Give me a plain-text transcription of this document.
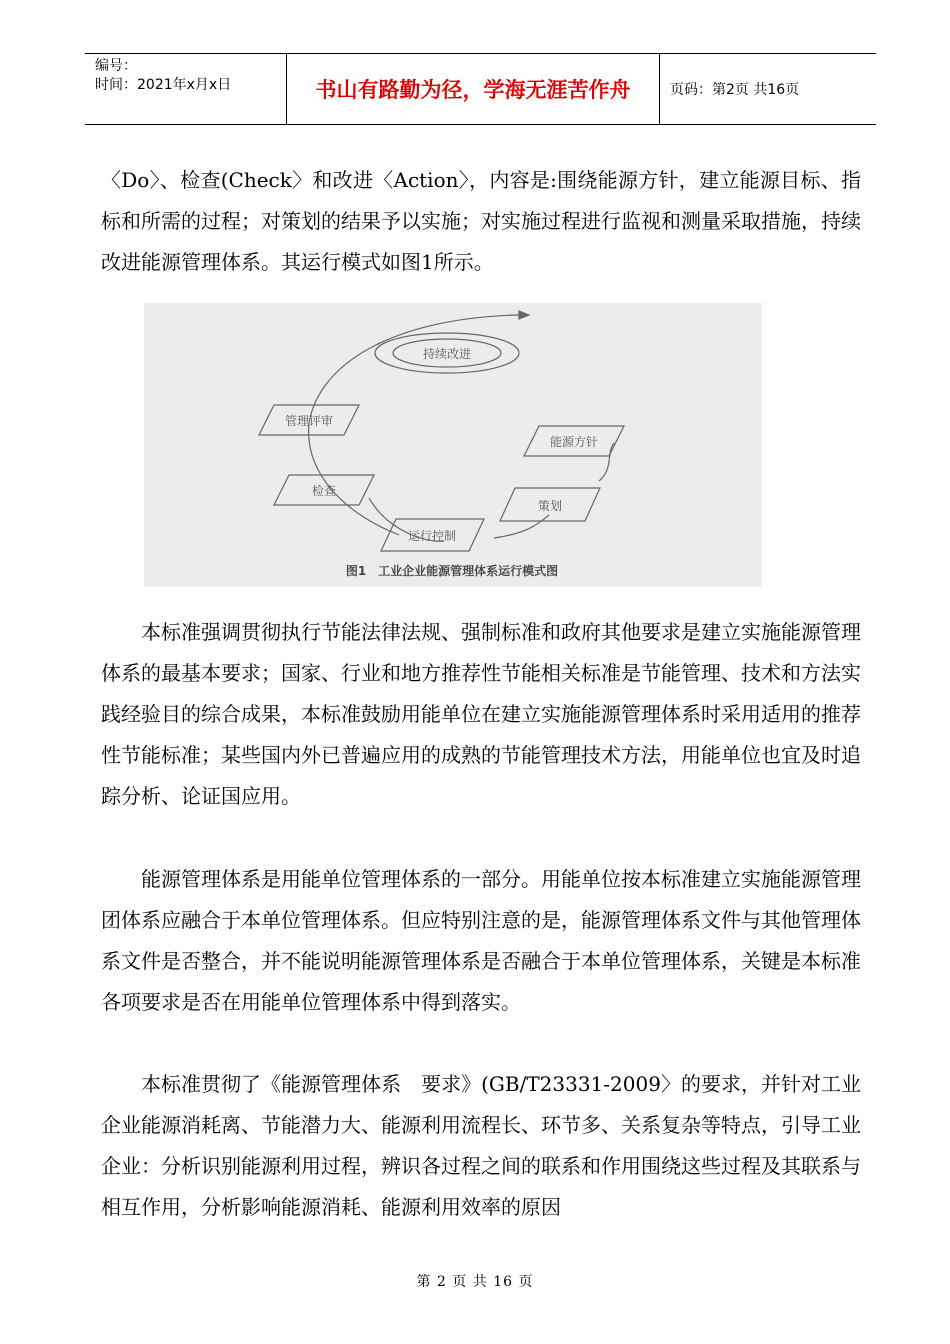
编号：
时间：2021年x月x日	书山有路勤为径，学海无涯苦作舟	页码：第2页 共16页

〈Do〉、检查(Check〉和改进〈Action〉，内容是:围绕能源方针，建立能源目标、指标和所需的过程；对策划的结果予以实施；对实施过程进行监视和测量采取措施，持续改进能源管理体系。其运行模式如图1所示。

持续改进
管理评审
能源方针
检查
策划
运行控制
图1　工业企业能源管理体系运行模式图

本标准强调贯彻执行节能法律法规、强制标准和政府其他要求是建立实施能源管理体系的最基本要求；国家、行业和地方推荐性节能相关标准是节能管理、技术和方法实践经验目的综合成果，本标准鼓励用能单位在建立实施能源管理体系时采用适用的推荐性节能标准；某些国内外已普遍应用的成熟的节能管理技术方法，用能单位也宜及时追踪分析、论证国应用。

能源管理体系是用能单位管理体系的一部分。用能单位按本标准建立实施能源管理团体系应融合于本单位管理体系。但应特别注意的是，能源管理体系文件与其他管理体系文件是否整合，并不能说明能源管理体系是否融合于本单位管理体系，关键是本标准各项要求是否在用能单位管理体系中得到落实。

本标准贯彻了《能源管理体系　要求》(GB/T23331-2009〉的要求，并针对工业企业能源消耗离、节能潜力大、能源利用流程长、环节多、关系复杂等特点，引导工业企业：分析识别能源利用过程，辨识各过程之间的联系和作用围绕这些过程及其联系与相互作用，分析影响能源消耗、能源利用效率的原因

第 2 页 共 16 页
